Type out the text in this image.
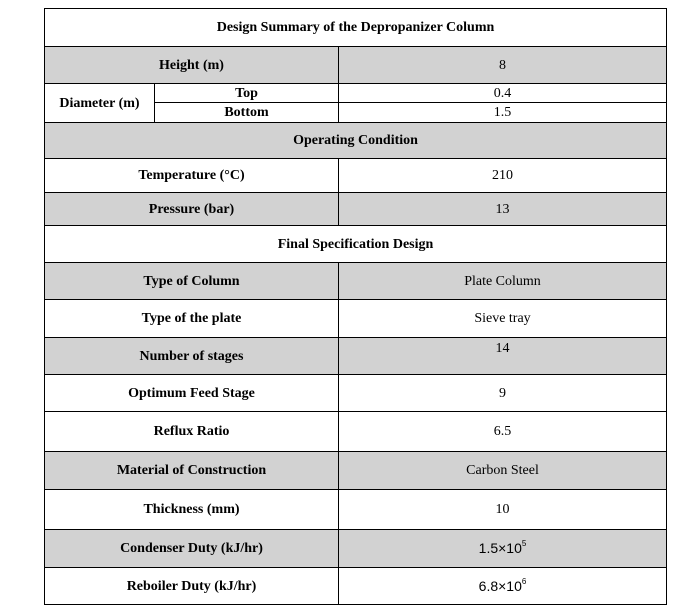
Design Summary of the Depropanizer Column		
Height (m)		8
Diameter (m)	Top	0.4
	Bottom	1.5
Operating Condition		
Temperature (°C)		210
Pressure (bar)		13
Final Specification Design		
Type of Column		Plate Column
Type of the plate		Sieve tray
Number of stages		14
Optimum Feed Stage		9
Reflux Ratio		6.5
Material of Construction		Carbon Steel
Thickness (mm)		10
Condenser Duty (kJ/hr)		$1.5\times 10^5$
Reboiler Duty (kJ/hr)		$6.8\times 10^6$
